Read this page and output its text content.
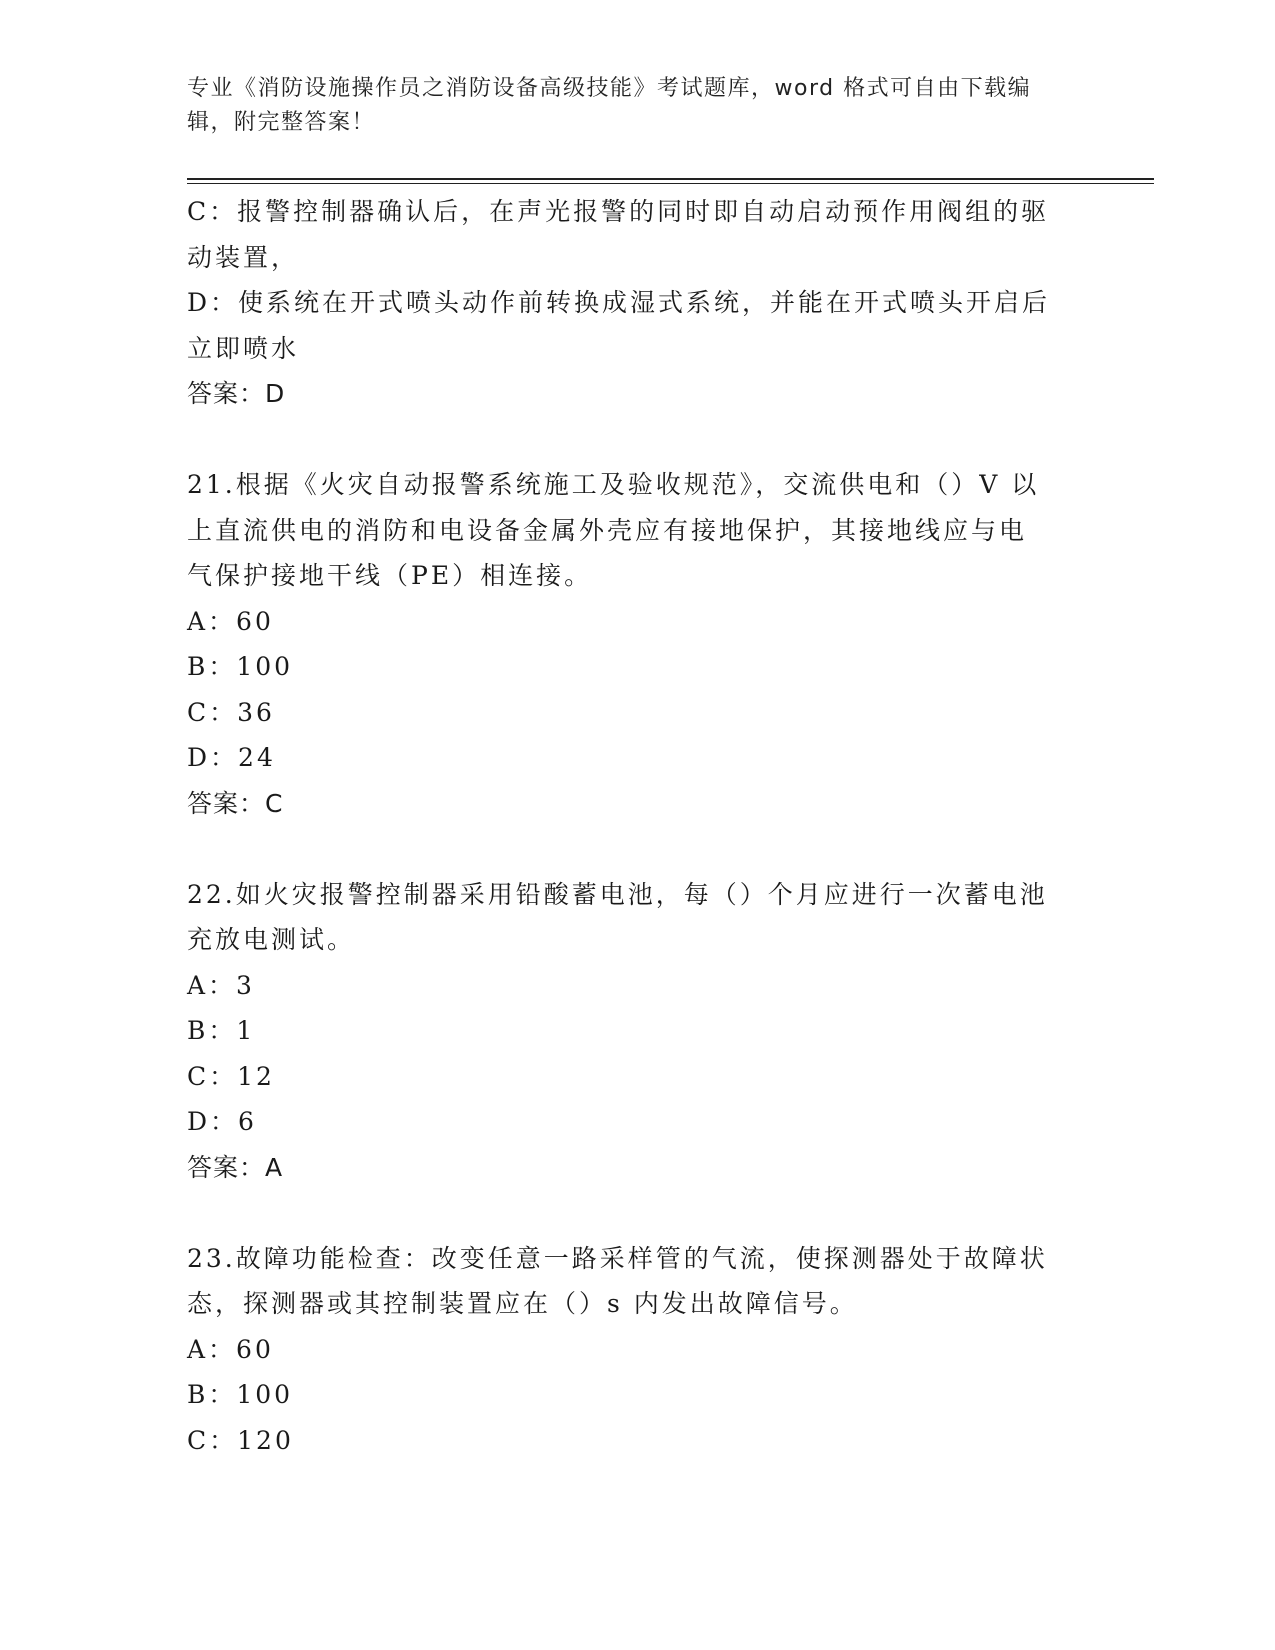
专业《消防设施操作员之消防设备高级技能》考试题库，word 格式可自由下载编
辑，附完整答案！
C：报警控制器确认后，在声光报警的同时即自动启动预作用阀组的驱
动装置，
D：使系统在开式喷头动作前转换成湿式系统，并能在开式喷头开启后
立即喷水
答案：D
21.根据《火灾自动报警系统施工及验收规范》，交流供电和（）V 以
上直流供电的消防和电设备金属外壳应有接地保护，其接地线应与电
气保护接地干线（PE）相连接。
A：60
B：100
C：36
D：24
答案：C
22.如火灾报警控制器采用铅酸蓄电池，每（）个月应进行一次蓄电池
充放电测试。
A：3
B：1
C：12
D：6
答案：A
23.故障功能检查：改变任意一路采样管的气流，使探测器处于故障状
态，探测器或其控制装置应在（）s 内发出故障信号。
A：60
B：100
C：120
